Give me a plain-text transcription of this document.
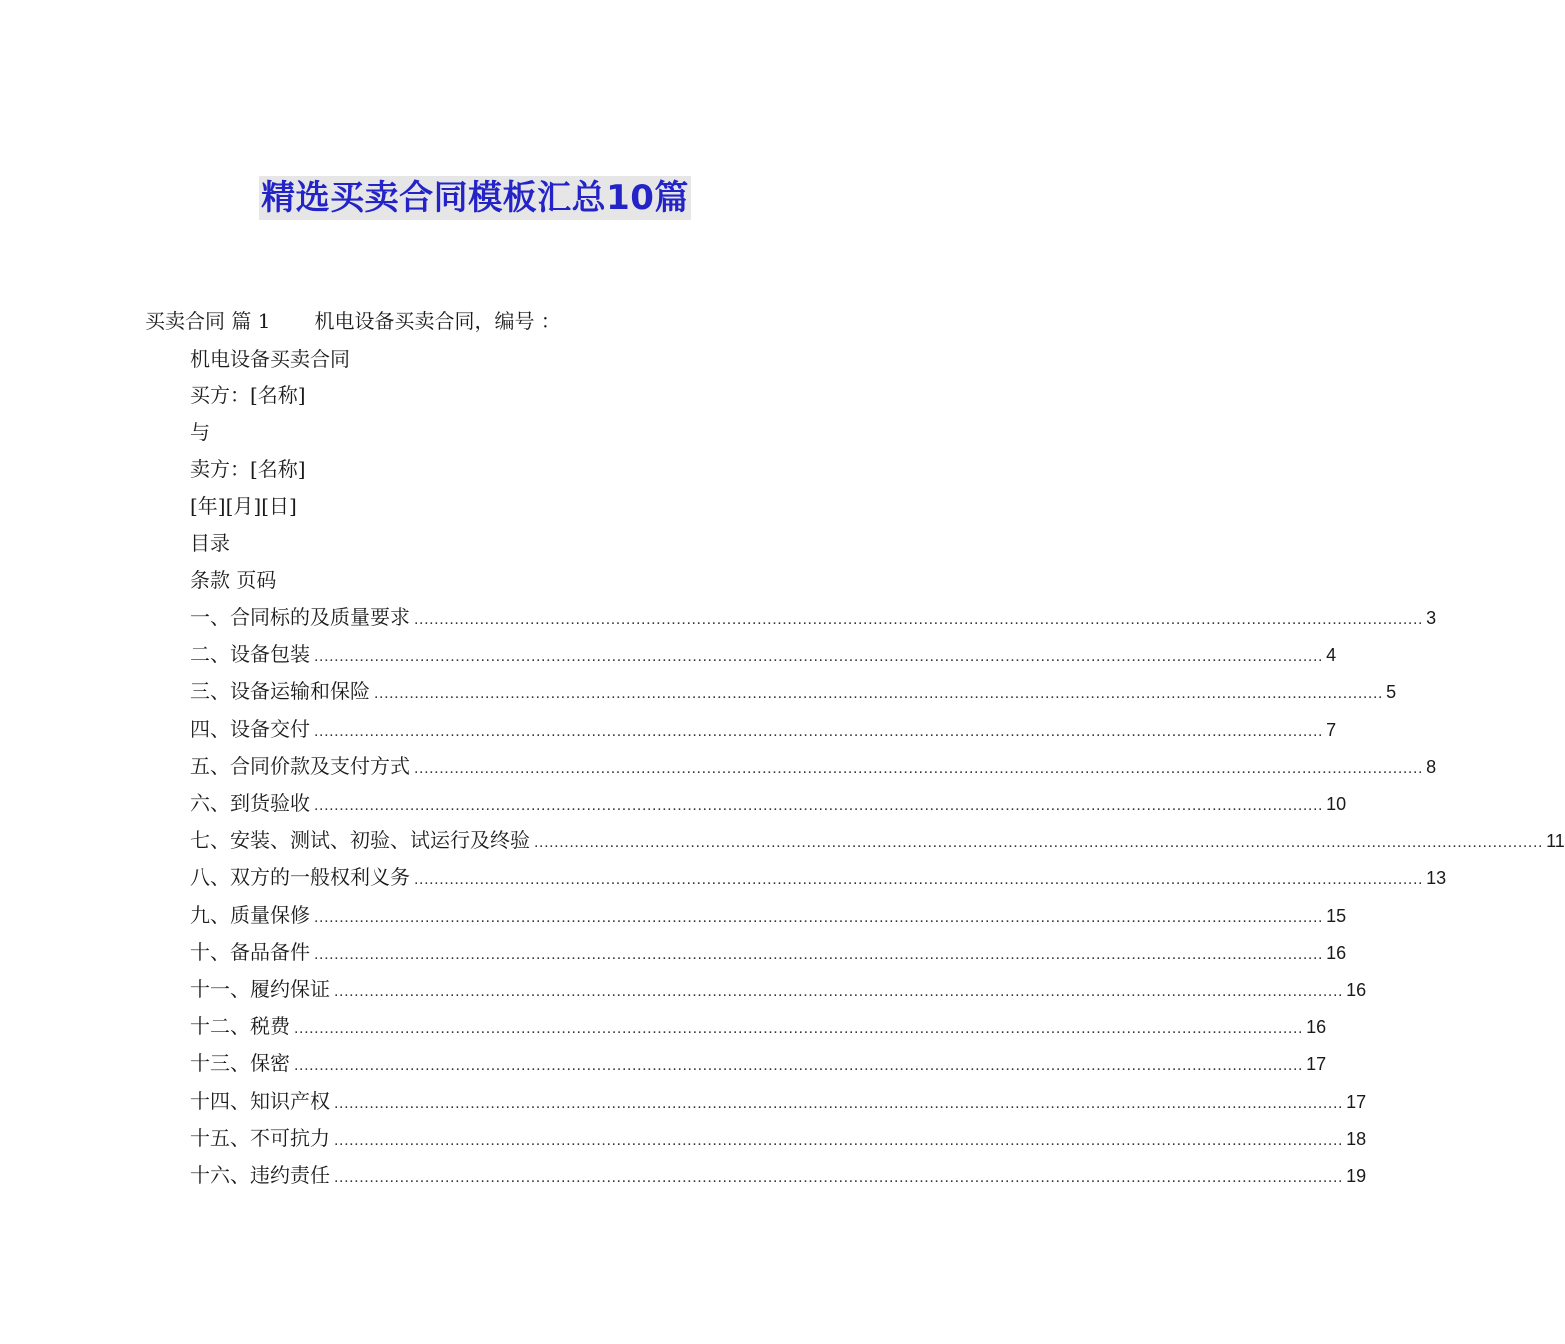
精选买卖合同模板汇总10篇
买卖合同 篇 1 机电设备买卖合同，编号 ：
机电设备买卖合同
买方：[名称]
与
卖方：[名称]
[年][月][日]
目录
条款 页码
一、 合同标的及质量要求 ........................................................................................................................................................................................................ 3
二、 设备包装 ........................................................................................................................................................................................................ 4
三、 设备运输和保险 ........................................................................................................................................................................................................ 5
四、 设备交付 ........................................................................................................................................................................................................ 7
五、 合同价款及支付方式 ........................................................................................................................................................................................................ 8
六、 到货验收 ........................................................................................................................................................................................................ 10
七、 安装、测试、初验、试运行及终验 ........................................................................................................................................................................................................ 11
八、 双方的一般权利义务 ........................................................................................................................................................................................................ 13
九、 质量保修 ........................................................................................................................................................................................................ 15
十、 备品备件 ........................................................................................................................................................................................................ 16
十一、 履约保证 ........................................................................................................................................................................................................ 16
十二、 税费 ........................................................................................................................................................................................................ 16
十三、 保密 ........................................................................................................................................................................................................ 17
十四、 知识产权 ........................................................................................................................................................................................................ 17
十五、 不可抗力 ........................................................................................................................................................................................................ 18
十六、 违约责任 ........................................................................................................................................................................................................ 19
